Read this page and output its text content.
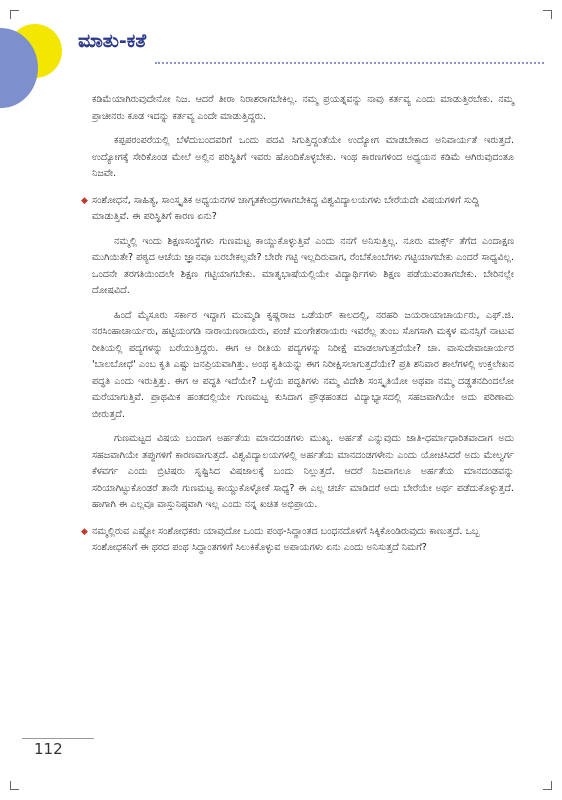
ಮಾತು-ಕತೆ

ಕಡಿಮೆಯಾಗಿರುವುದೇನೋ ನಿಜ. ಆದರೆ ತೀರಾ ನಿರಾಶರಾಗಬೇಕಿಲ್ಲ. ನಮ್ಮ ಪ್ರಯತ್ನವನ್ನು ನಾವು ಕರ್ತವ್ಯ ಎಂದು ಮಾಡುತ್ತಿರಬೇಕು. ನಮ್ಮ ಪ್ರಾಚೀನರು ಕೂಡ ಇದನ್ನು ಕರ್ತವ್ಯ ಎಂದೇ ಮಾಡುತ್ತಿದ್ದರು.

ಕಪ್ಪಪರಂಪರೆಯಲ್ಲಿ ಬೆಳೆದುಬಂದವರಿಗೆ ಒಂದು ಪದವಿ ಸಿಗುತ್ತಿದ್ದಂತೆಯೇ ಉದ್ಯೋಗ ಮಾಡಬೇಕಾದ ಅನಿವಾರ್ಯತೆ ಇರುತ್ತದೆ. ಉದ್ಯೋಗಕ್ಕೆ ಸೇರಿಕೊಂಡ ಮೇಲೆ ಅಲ್ಲಿನ ಪರಿಸ್ಥಿತಿಗೆ ಇವರು ಹೊಂದಿಕೊಳ್ಳಬೇಕು. ಇಂಥ ಕಾರಣಗಳಿಂದ ಅಧ್ಯಯನ ಕಡಿಮೆ ಆಗಿರುವುದಂತೂ ನಿಜವೇ.

◆ ಸಂಶೋಧನೆ, ಸಾಹಿತ್ಯ, ಸಾಂಸ್ಕೃತಿಕ ಅಧ್ಯಯನಗಳ ಜಾಗೃತಕೇಂದ್ರಗಳಾಗಬೇಕಿದ್ದ ವಿಶ್ವವಿದ್ಯಾಲಯಗಳು ಬೇರೆಯದೇ ವಿಷಯಗಳಿಗೆ ಸುದ್ದಿ ಮಾಡುತ್ತಿವೆ. ಈ ಪರಿಸ್ಥಿತಿಗೆ ಕಾರಣ ಏನು?

ನಮ್ಮಲ್ಲಿ ಇಂದು ಶಿಕ್ಷಣಸಂಸ್ಥೆಗಳು ಗುಣಮಟ್ಟ ಕಾಯ್ದುಕೊಳ್ಳುತ್ತಿವೆ ಎಂದು ನನಗೆ ಅನಿಸುತ್ತಿಲ್ಲ. ನೂರು ಮಾರ್ಕ್ಸ್ ತೆಗೆದ ಎಂದಾಕ್ಷಣ ಮುಗಿಯಿತೇ? ಪಠ್ಯದ ಆಚೆಯ ಜ್ಞಾನವೂ ಬರಬೇಕಲ್ಲವೇ? ಬೇರೇ ಗಟ್ಟಿ ಇಲ್ಲದಿರುವಾಗ, ರೆಂಬೆಕೊಂಬೆಗಳು ಗಟ್ಟಿಯಾಗಬೇಕು ಎಂದರೆ ಸಾಧ್ಯವಿಲ್ಲ. ಒಂದನೇ ತರಗತಿಯಿಂದಲೇ ಶಿಕ್ಷಣ ಗಟ್ಟಿಯಾಗಬೇಕು. ಮಾತೃಭಾಷೆಯಲ್ಲಿಯೇ ವಿದ್ಯಾರ್ಥಿಗಳು ಶಿಕ್ಷಣ ಪಡೆಯುವಂತಾಗಬೇಕು. ಬೇರಿನಲ್ಲೇ ದೋಷವಿದೆ.

ಹಿಂದೆ ಮೈಸೂರು ಸರ್ಕಾರ ಇದ್ದಾಗ ಮುಮ್ಮಡಿ ಕೃಷ್ಣರಾಜ ಒಡೆಯರ್ ಕಾಲದಲ್ಲಿ, ನರಹರಿ ಜಯರಾಯಾಚಾರ್ಯರು, ಎಫ್.ಜಿ. ನರಸಿಂಹಾಚಾರ್ಯರು, ಹಟ್ಟಿಯಂಗಡಿ ನಾರಾಯಣರಾಯರು, ಪಂಜೆ ಮಂಗೇಶರಾಯರು ಇವರೆಲ್ಲ ತುಂಬ ಸೊಗಸಾಗಿ ಮಕ್ಕಳ ಮನಸ್ಸಿಗೆ ನಾಟುವ ರೀತಿಯಲ್ಲಿ ಪದ್ಯಗಳನ್ನು ಬರೆಯುತ್ತಿದ್ದರು. ಈಗ ಆ ರೀತಿಯ ಪದ್ಯಗಳನ್ನು ನಿರೀಕ್ಷೆ ಮಾಡಲಾಗುತ್ತದೆಯೇ? ಚಾ. ವಾಸುದೇವಾಚಾರ್ಯರ 'ಬಾಲಬೋಧೆ' ಎಂಬ ಕೃತಿ ಎಷ್ಟು ಜನಪ್ರಿಯವಾಗಿತ್ತು. ಅಂಥ ಕೃತಿಯನ್ನು ಈಗ ನಿರೀಕ್ಷಿಸಲಾಗುತ್ತದೆಯೇ? ಪ್ರತಿ ಶನಿವಾರ ಶಾಲೆಗಳಲ್ಲಿ ಉಕ್ತಲೇಖನ ಪದ್ಧತಿ ಎಂದು ಇರುತ್ತಿತ್ತು. ಈಗ ಆ ಪದ್ಧತಿ ಇದೆಯೇ? ಒಳ್ಳೆಯ ಪದ್ಧತಿಗಳು ನಮ್ಮ ವಿದೇಶಿ ಸಂಸ್ಕೃತಿಯೋ ಅಥವಾ ನಮ್ಮ ದಡ್ಡತನದಿಂದಲೋ ಮರೆಯಾಗುತ್ತಿವೆ. ಪ್ರಾಥಮಿಕ ಹಂತದಲ್ಲಿಯೇ ಗುಣಮಟ್ಟ ಕುಸಿದಾಗ ಪ್ರೌಢಹಂತದ ವಿದ್ಯಾಭ್ಯಾಸದಲ್ಲಿ ಸಹಜವಾಗಿಯೇ ಅದು ಪರಿಣಾಮ ಬೀರುತ್ತದೆ.

ಗುಣಮಟ್ಟದ ವಿಷಯ ಬಂದಾಗ ಅರ್ಹತೆಯ ಮಾನದಂಡಗಳು ಮುಖ್ಯ. ಅರ್ಹತೆ ಎನ್ನುವುದು ಜಾತಿ-ಧರ್ಮಾಧಾರಿತವಾದಾಗ ಅದು ಸಹಜವಾಗಿಯೇ ತಪ್ಪುಗಳಿಗೆ ಕಾರಣವಾಗುತ್ತದೆ. ವಿಶ್ವವಿದ್ಯಾಲಯಗಳಲ್ಲಿ ಅರ್ಹತೆಯ ಮಾನದಂಡಗಳೇನು ಎಂದು ಯೋಚಿಸಿದರೆ ಅದು ಮೇಲ್ವರ್ಗ ಕೆಳವರ್ಗ ಎಂದು ಬ್ರಿಟಿಷರು ಸೃಷ್ಟಿಸಿದ ವಿಷಜಾಲಕ್ಕೆ ಬಂದು ನಿಲ್ಲುತ್ತದೆ. ಆದರೆ ನಿಜವಾಗಲೂ ಅರ್ಹತೆಯ ಮಾನದಂಡವನ್ನು ಸರಿಯಾಗಿಟ್ಟುಕೊಂಡರೆ ತಾನೇ ಗುಣಮಟ್ಟ ಕಾಯ್ದುಕೊಳ್ಳೋಕೆ ಸಾಧ್ಯ? ಈ ಎಲ್ಲ ಚರ್ಚೆ ಮಾಡಿದರೆ ಅದು ಬೇರೆಯೇ ಅರ್ಥ ಪಡೆದುಕೊಳ್ಳುತ್ತದೆ. ಹಾಗಾಗಿ ಈ ಎಲ್ಲವೂ ವಾಸ್ತುನಿಷ್ಠವಾಗಿ ಇಲ್ಲ ಎಂದು ನನ್ನ ಖಚಿತ ಅಭಿಪ್ರಾಯ.

◆ ನಮ್ಮಲ್ಲಿರುವ ಎಷ್ಟೋ ಸಂಶೋಧಕರು ಯಾವುದೋ ಒಂದು ಪಂಥ-ಸಿದ್ಧಾಂತದ ಬಂಧನದೊಳಗೆ ಸಿಕ್ಕಿಕೊಂಡಿರುವುದು ಕಾಣುತ್ತದೆ. ಒಬ್ಬ ಸಂಶೋಧಕನಿಗೆ ಈ ಥರದ ಪಂಥ ಸಿದ್ಧಾಂತಗಳಿಗೆ ಸಿಲುಕಿಕೊಳ್ಳುವ ಅಪಾಯಗಳು ಏನು ಎಂದು ಅನಿಸುತ್ತದೆ ನಿಮಗೆ?
112
